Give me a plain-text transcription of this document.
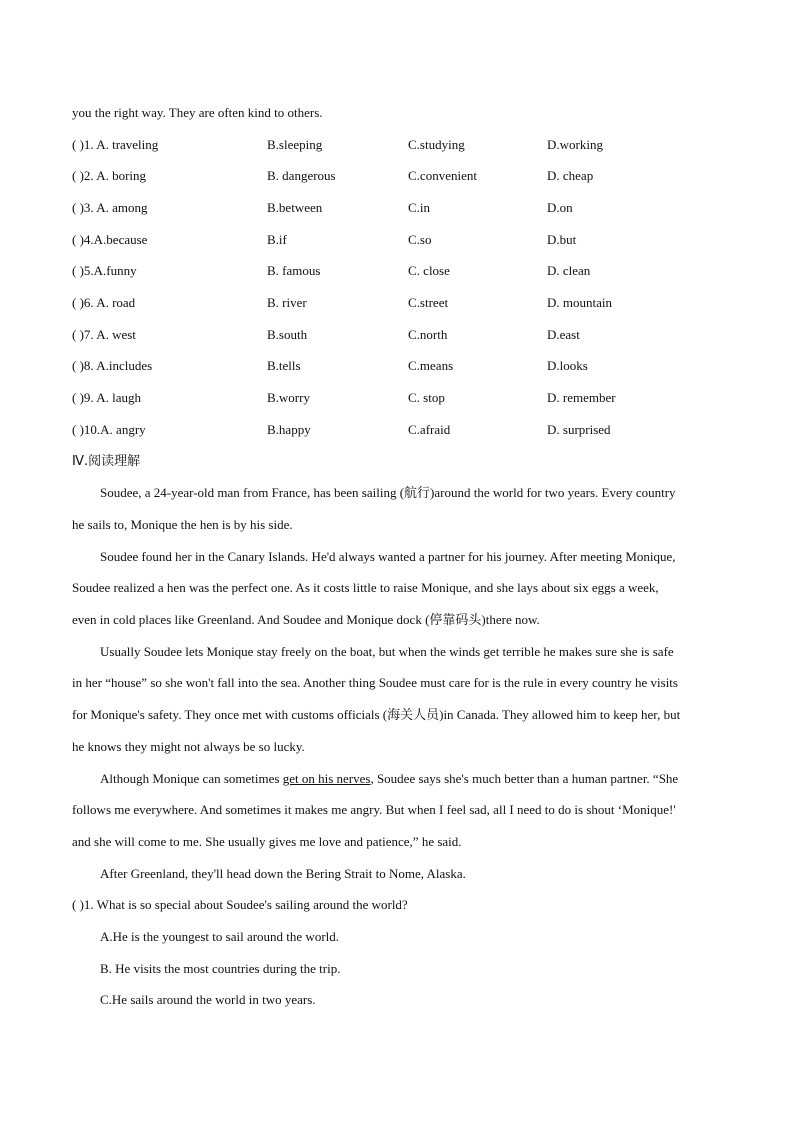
you the right way. They are often kind to others.
( )1. A. traveling	B.sleeping	C.studying	D.working
( )2. A. boring	B. dangerous	C.convenient	D. cheap
( )3. A. among	B.between	C.in	D.on
( )4.A.because	B.if	C.so	D.but
( )5.A.funny	B. famous	C. close	D. clean
( )6. A. road	B. river	C.street	D. mountain
( )7. A. west	B.south	C.north	D.east
( )8. A.includes	B.tells	C.means	D.looks
( )9. A. laugh	B.worry	C. stop	D. remember
( )10.A. angry	B.happy	C.afraid	D. surprised
Ⅳ.阅读理解
Soudee, a 24-year-old man from France, has been sailing (航行)around the world for two years. Every country
he sails to, Monique the hen is by his side.
Soudee found her in the Canary Islands. He'd always wanted a partner for his journey. After meeting Monique,
Soudee realized a hen was the perfect one. As it costs little to raise Monique, and she lays about six eggs a week,
even in cold places like Greenland. And Soudee and Monique dock (停靠码头)there now.
Usually Soudee lets Monique stay freely on the boat, but when the winds get terrible he makes sure she is safe
in her “house” so she won't fall into the sea. Another thing Soudee must care for is the rule in every country he visits
for Monique's safety. They once met with customs officials (海关人员)in Canada. They allowed him to keep her, but
he knows they might not always be so lucky.
Although Monique can sometimes get on his nerves, Soudee says she's much better than a human partner. “She
follows me everywhere. And sometimes it makes me angry. But when I feel sad, all I need to do is shout ‘Monique!'
and she will come to me. She usually gives me love and patience,” he said.
After Greenland, they'll head down the Bering Strait to Nome, Alaska.
( )1. What is so special about Soudee's sailing around the world?
A.He is the youngest to sail around the world.
B. He visits the most countries during the trip.
C.He sails around the world in two years.
